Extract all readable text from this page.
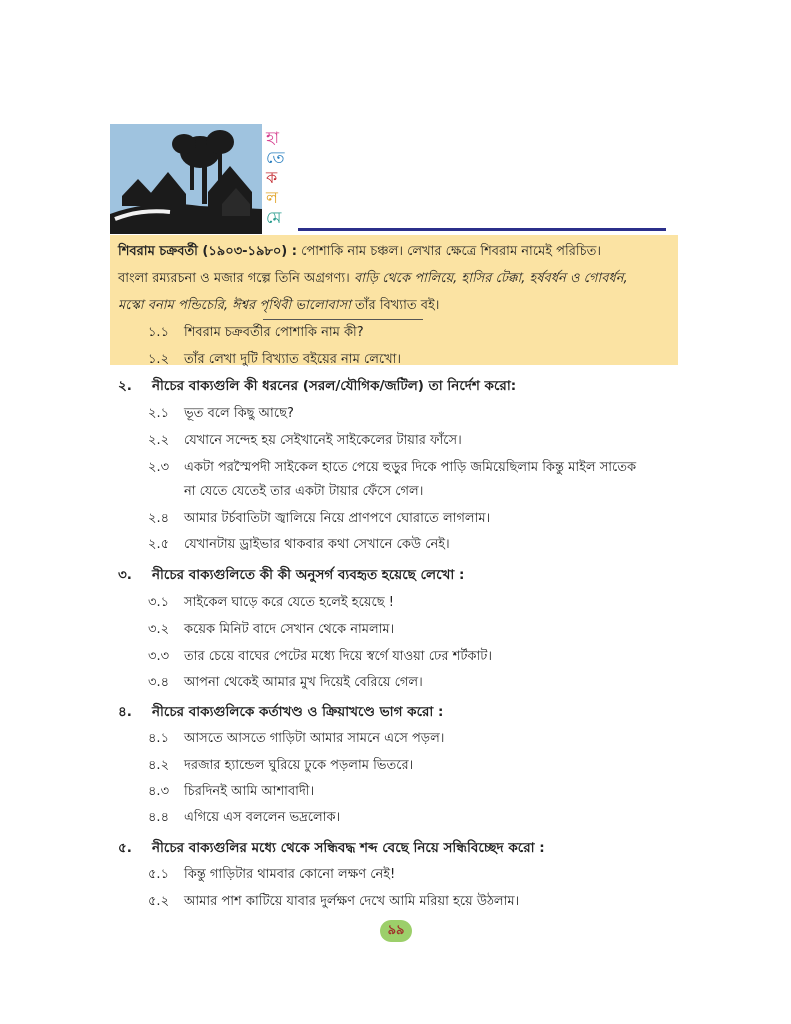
হা
তে
ক
ল
মে
শিবরাম চক্রবর্তী (১৯০৩-১৯৮০) : পোশাকি নাম চঞ্চল। লেখার ক্ষেত্রে শিবরাম নামেই পরিচিত।
বাংলা রম্যরচনা ও মজার গল্পে তিনি অগ্রগণ্য। বাড়ি থেকে পালিয়ে, হাসির টেক্কা, হর্ষবর্ধন ও গোবর্ধন,
মস্কো বনাম পন্ডিচেরি, ঈশ্বর পৃথিবী ভালোবাসা তাঁর বিখ্যাত বই।
১.১ শিবরাম চক্রবর্তীর পোশাকি নাম কী?
১.২ তাঁর লেখা দুটি বিখ্যাত বইয়ের নাম লেখো।
২. নীচের বাক্যগুলি কী ধরনের (সরল/যৌগিক/জটিল) তা নির্দেশ করো:
২.১ ভূত বলে কিছু আছে?
২.২ যেখানে সন্দেহ হয় সেইখানেই সাইকেলের টায়ার ফাঁসে।
২.৩ একটা পরস্মৈপদী সাইকেল হাতে পেয়ে হুড়ুর দিকে পাড়ি জমিয়েছিলাম কিন্তু মাইল সাতেক
না যেতে যেতেই তার একটা টায়ার ফেঁসে গেল।
২.৪ আমার টর্চবাতিটা জ্বালিয়ে নিয়ে প্রাণপণে ঘোরাতে লাগলাম।
২.৫ যেখানটায় ড্রাইভার থাকবার কথা সেখানে কেউ নেই।
৩. নীচের বাক্যগুলিতে কী কী অনুসর্গ ব্যবহৃত হয়েছে লেখো :
৩.১ সাইকেল ঘাড়ে করে যেতে হলেই হয়েছে !
৩.২ কয়েক মিনিট বাদে সেখান থেকে নামলাম।
৩.৩ তার চেয়ে বাঘের পেটের মধ্যে দিয়ে স্বর্গে যাওয়া ঢের শর্টকাট।
৩.৪ আপনা থেকেই আমার মুখ দিয়েই বেরিয়ে গেল।
৪. নীচের বাক্যগুলিকে কর্তাখণ্ড ও ক্রিয়াখণ্ডে ভাগ করো :
৪.১ আসতে আসতে গাড়িটা আমার সামনে এসে পড়ল।
৪.২ দরজার হ্যান্ডেল ঘুরিয়ে ঢুকে পড়লাম ভিতরে।
৪.৩ চিরদিনই আমি আশাবাদী।
৪.৪ এগিয়ে এস বললেন ভদ্রলোক।
৫. নীচের বাক্যগুলির মধ্যে থেকে সন্ধিবদ্ধ শব্দ বেছে নিয়ে সন্ধিবিচ্ছেদ করো :
৫.১ কিন্তু গাড়িটার থামবার কোনো লক্ষণ নেই!
৫.২ আমার পাশ কাটিয়ে যাবার দুর্লক্ষণ দেখে আমি মরিয়া হয়ে উঠলাম।
৯৯
